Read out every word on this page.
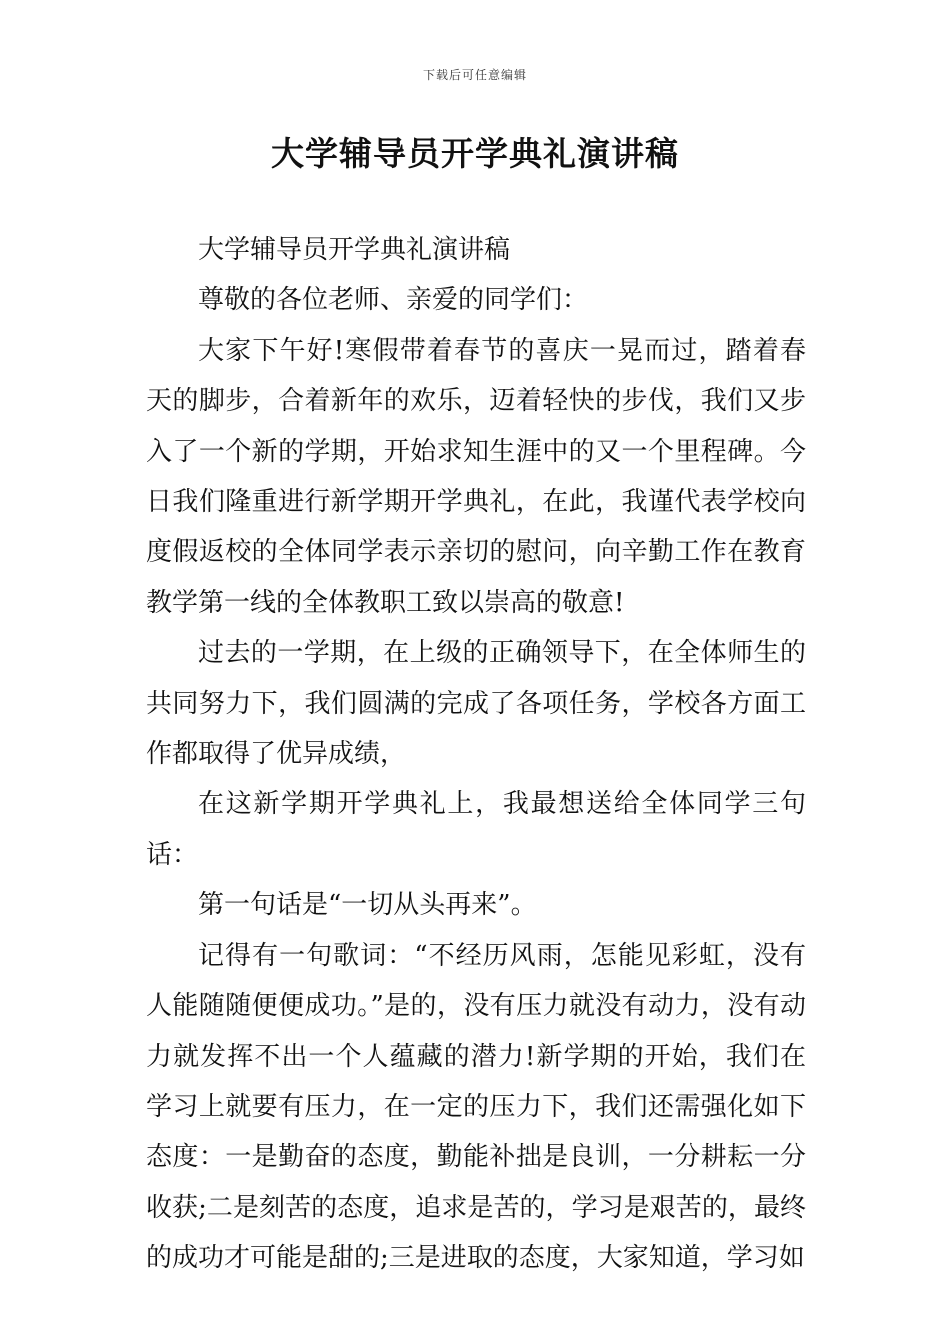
下载后可任意编辑
大学辅导员开学典礼演讲稿

大学辅导员开学典礼演讲稿

尊敬的各位老师、亲爱的同学们：

大家下午好!寒假带着春节的喜庆一晃而过，踏着春天的脚步，合着新年的欢乐，迈着轻快的步伐，我们又步入了一个新的学期，开始求知生涯中的又一个里程碑。今日我们隆重进行新学期开学典礼，在此，我谨代表学校向度假返校的全体同学表示亲切的慰问，向辛勤工作在教育教学第一线的全体教职工致以崇高的敬意!

过去的一学期，在上级的正确领导下，在全体师生的共同努力下，我们圆满的完成了各项任务，学校各方面工作都取得了优异成绩，

在这新学期开学典礼上，我最想送给全体同学三句话：

第一句话是“一切从头再来”。

记得有一句歌词：“不经历风雨，怎能见彩虹，没有人能随随便便成功。”是的，没有压力就没有动力，没有动力就发挥不出一个人蕴藏的潜力!新学期的开始，我们在学习上就要有压力，在一定的压力下，我们还需强化如下态度：一是勤奋的态度，勤能补拙是良训，一分耕耘一分收获;二是刻苦的态度，追求是苦的，学习是艰苦的，最终的成功才可能是甜的;三是进取的态度，大家知道，学习如
